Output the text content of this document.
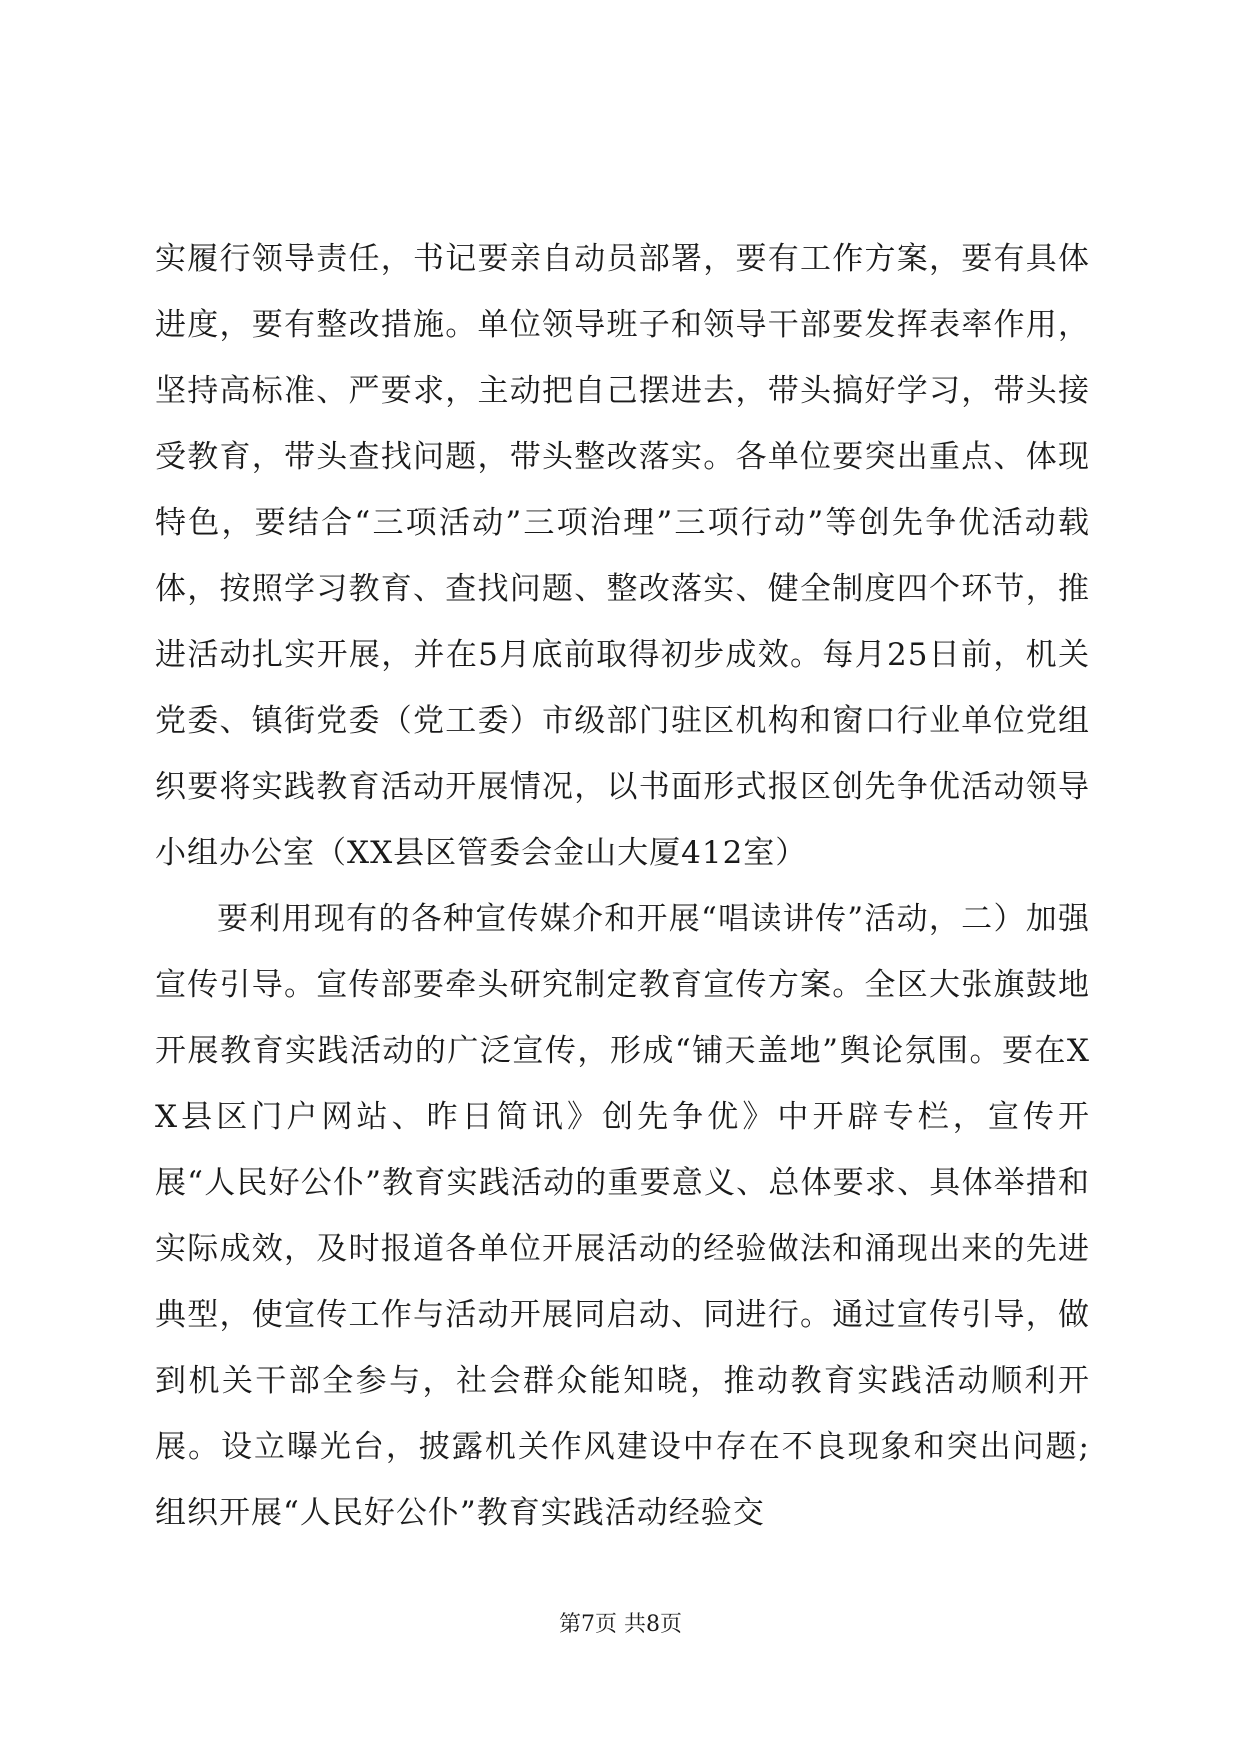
实履行领导责任，书记要亲自动员部署，要有工作方案，要有具体进度，要有整改措施。单位领导班子和领导干部要发挥表率作用，坚持高标准、严要求，主动把自己摆进去，带头搞好学习，带头接受教育，带头查找问题，带头整改落实。各单位要突出重点、体现特色，要结合“三项活动”三项治理”三项行动”等创先争优活动载体，按照学习教育、查找问题、整改落实、健全制度四个环节，推进活动扎实开展，并在5月底前取得初步成效。每月25日前，机关党委、镇街党委（党工委）市级部门驻区机构和窗口行业单位党组织要将实践教育活动开展情况，以书面形式报区创先争优活动领导小组办公室（XX县区管委会金山大厦412室）

要利用现有的各种宣传媒介和开展“唱读讲传”活动，二）加强宣传引导。宣传部要牵头研究制定教育宣传方案。全区大张旗鼓地开展教育实践活动的广泛宣传，形成“铺天盖地”舆论氛围。要在XX县区门户网站、昨日简讯》创先争优》中开辟专栏，宣传开展“人民好公仆”教育实践活动的重要意义、总体要求、具体举措和实际成效，及时报道各单位开展活动的经验做法和涌现出来的先进典型，使宣传工作与活动开展同启动、同进行。通过宣传引导，做到机关干部全参与，社会群众能知晓，推动教育实践活动顺利开展。设立曝光台，披露机关作风建设中存在不良现象和突出问题;组织开展“人民好公仆”教育实践活动经验交

第7页 共8页
